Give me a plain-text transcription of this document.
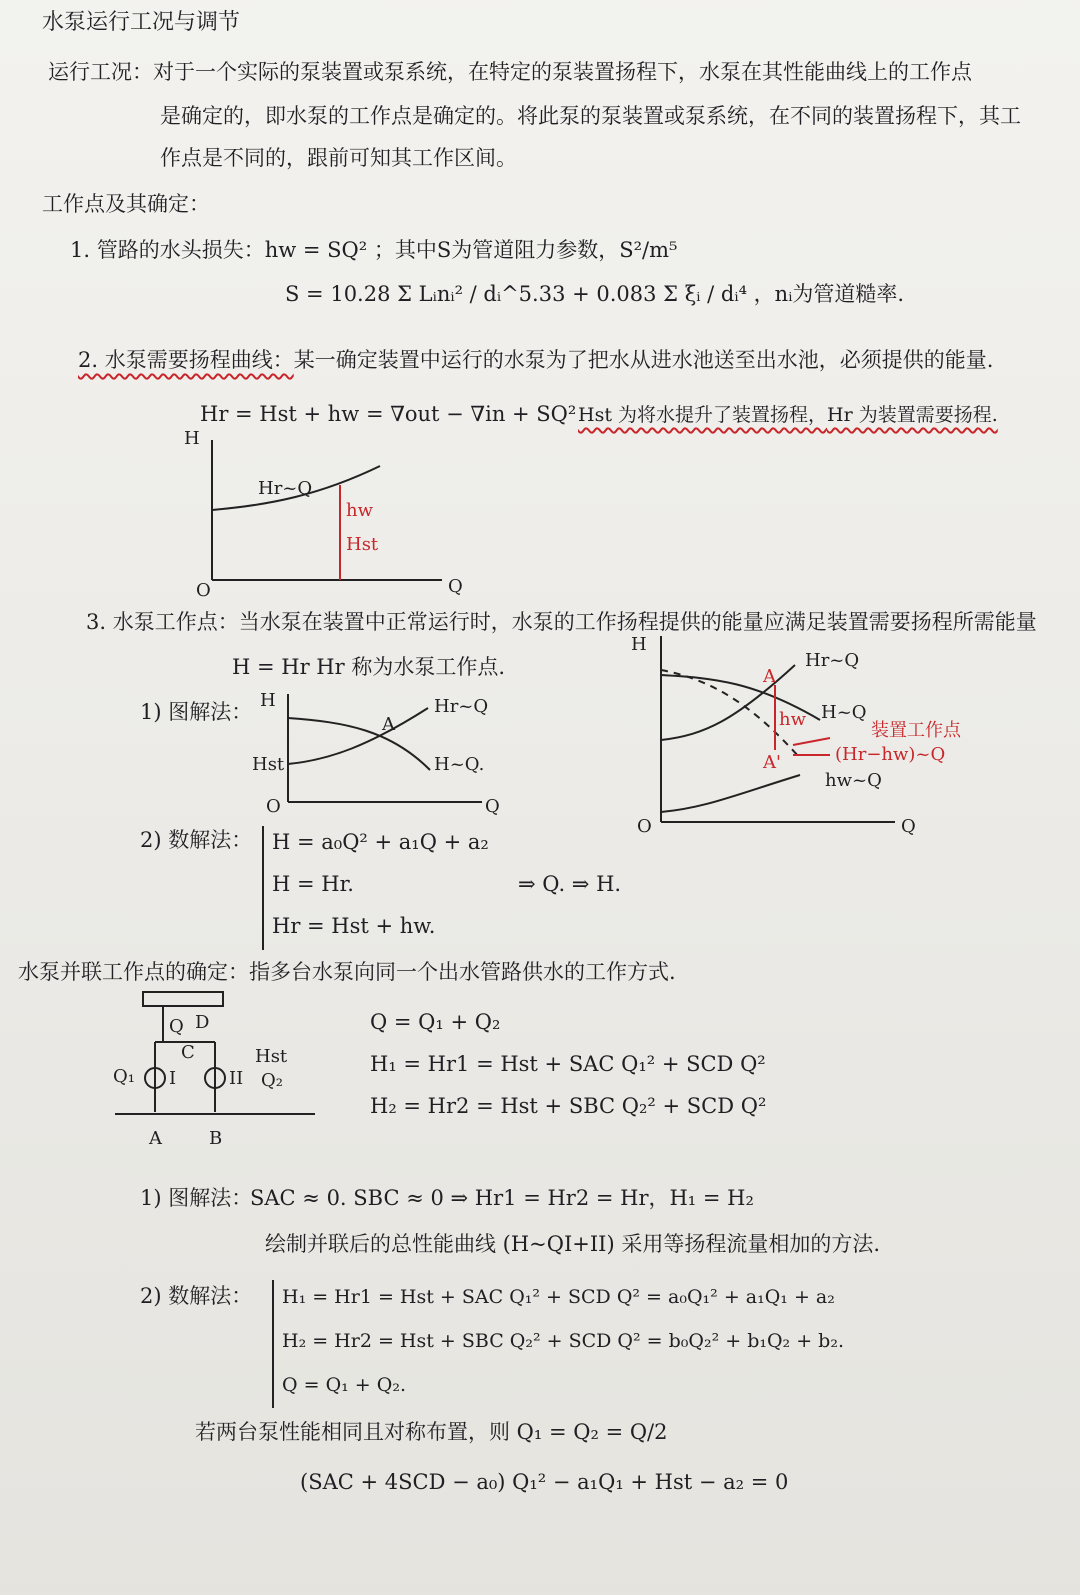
水泵运行工况与调节
运行工况：对于一个实际的泵装置或泵系统，在特定的泵装置扬程下，水泵在其性能曲线上的工作点
是确定的，即水泵的工作点是确定的。将此泵的泵装置或泵系统，在不同的装置扬程下，其工
作点是不同的，跟前可知其工作区间。
工作点及其确定：
1. 管路的水头损失：hw = SQ² ；其中S为管道阻力参数，S²/m⁵
S = 10.28 Σ Lᵢnᵢ² / dᵢ^5.33 + 0.083 Σ ξᵢ / dᵢ⁴ ，nᵢ为管道糙率.
2. 水泵需要扬程曲线：某一确定装置中运行的水泵为了把水从进水池送至出水池，必须提供的能量.
Hr = Hst + hw = ∇out − ∇in + SQ² Hst 为将水提升了装置扬程，Hr 为装置需要扬程.
H
Hr~Q
hw
Hst
O	Q
3. 水泵工作点：当水泵在装置中正常运行时，水泵的工作扬程提供的能量应满足装置需要扬程所需能量
H = Hr Hr 称为水泵工作点.
1) 图解法： H
Hst
O	Q
A
Hr~Q
H~Q.
H
O	Q
A
A'
Hr~Q
H~Q
hw~Q
hw
装置工作点
(Hr−hw)~Q
2) 数解法： H = a₀Q² + a₁Q + a₂
H = Hr.
Hr = Hst + hw.
⇒ Q. ⇒ H.
水泵并联工作点的确定：指多台水泵向同一个出水管路供水的工作方式.
D
Q
C
Q₁ I	II
Hst
Q₂
A	B
Q = Q₁ + Q₂
H₁ = Hr1 = Hst + SAC Q₁² + SCD Q²
H₂ = Hr2 = Hst + SBC Q₂² + SCD Q²
1) 图解法：
SAC ≈ 0. SBC ≈ 0 ⇒ Hr1 = Hr2 = Hr，H₁ = H₂
绘制并联后的总性能曲线 (H~QI+II) 采用等扬程流量相加的方法.
2) 数解法： H₁ = Hr1 = Hst + SAC Q₁² + SCD Q² = a₀Q₁² + a₁Q₁ + a₂
H₂ = Hr2 = Hst + SBC Q₂² + SCD Q² = b₀Q₂² + b₁Q₂ + b₂.
Q = Q₁ + Q₂.
若两台泵性能相同且对称布置，则 Q₁ = Q₂ = Q/2
(SAC + 4SCD − a₀) Q₁² − a₁Q₁ + Hst − a₂ = 0
